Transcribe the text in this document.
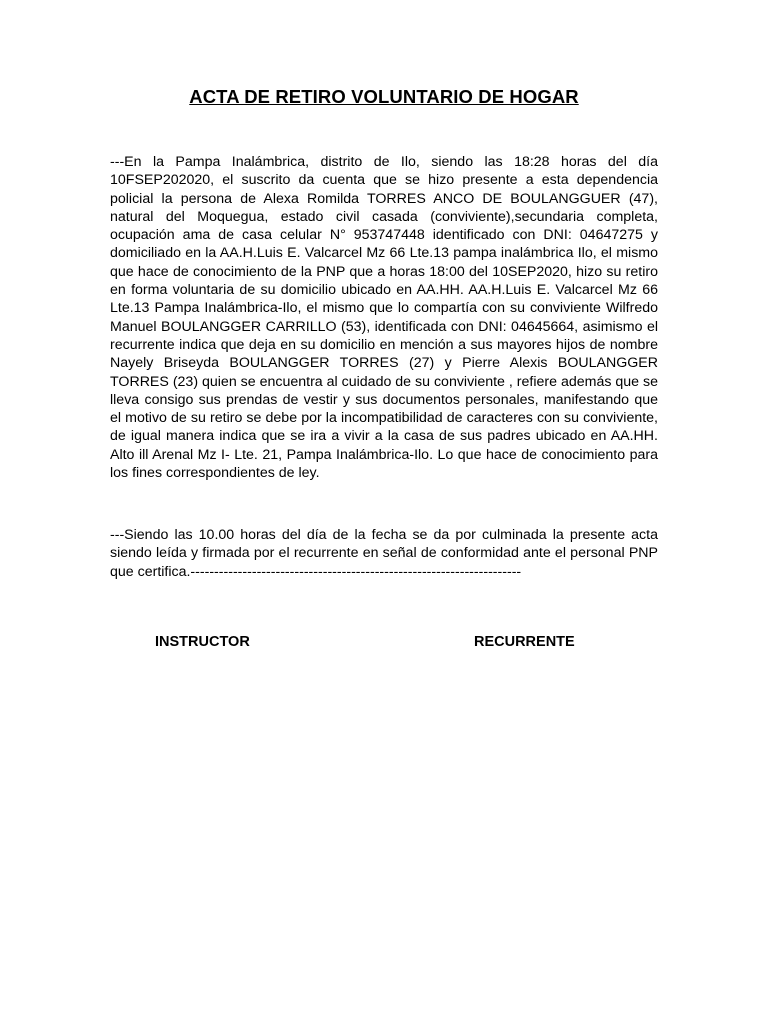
ACTA DE RETIRO VOLUNTARIO DE HOGAR

---En la Pampa Inalámbrica, distrito de Ilo, siendo las 18:28 horas del día 10FSEP202020, el suscrito da cuenta que se hizo presente a esta dependencia policial la persona de Alexa Romilda TORRES ANCO DE BOULANGGUER (47), natural del Moquegua, estado civil casada (conviviente),secundaria completa, ocupación ama de casa celular N° 953747448 identificado con DNI: 04647275 y domiciliado en la AA.H.Luis E. Valcarcel Mz 66 Lte.13 pampa inalámbrica Ilo, el mismo que hace de conocimiento de la PNP que a horas 18:00 del 10SEP2020, hizo su retiro en forma voluntaria de su domicilio ubicado en AA.HH. AA.H.Luis E. Valcarcel Mz 66 Lte.13 Pampa Inalámbrica-Ilo, el mismo que lo compartía con su conviviente Wilfredo Manuel BOULANGGER CARRILLO (53), identificada con DNI: 04645664, asimismo el recurrente indica que deja en su domicilio en mención a sus mayores hijos de nombre Nayely Briseyda BOULANGGER TORRES (27) y Pierre Alexis BOULANGGER TORRES (23) quien se encuentra al cuidado de su conviviente , refiere además que se lleva consigo sus prendas de vestir y sus documentos personales, manifestando que el motivo de su retiro se debe por la incompatibilidad de caracteres con su conviviente, de igual manera indica que se ira a vivir a la casa de sus padres ubicado en AA.HH. Alto ill Arenal Mz I- Lte. 21, Pampa Inalámbrica-Ilo. Lo que hace de conocimiento para los fines correspondientes de ley.

---Siendo las 10.00 horas del día de la fecha se da por culminada la presente acta siendo leída y firmada por el recurrente en señal de conformidad ante el personal PNP que certifica.----------------------------------------------------------------------

INSTRUCTOR	RECURRENTE
